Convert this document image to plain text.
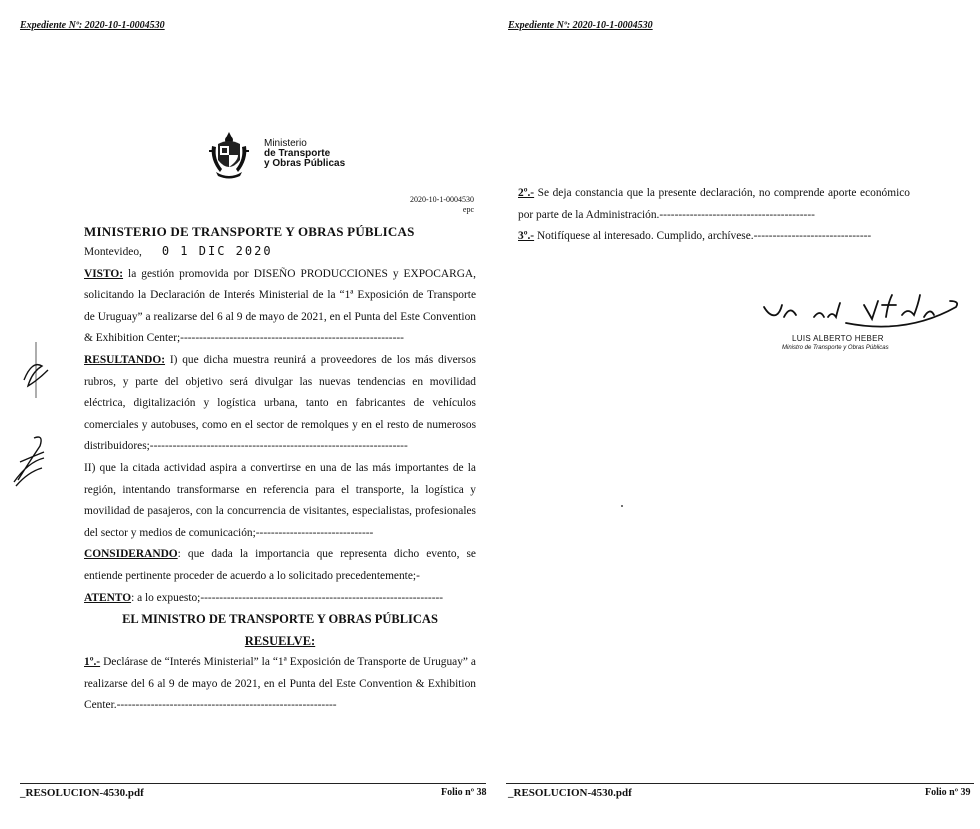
Expediente Nº: 2020-10-1-0004530
Ministerio
de Transporte
y Obras Públicas
2020-10-1-0004530
epc
MINISTERIO DE TRANSPORTE Y OBRAS PÚBLICAS

Montevideo, 0 1 DIC 2020

VISTO: la gestión promovida por DISEÑO PRODUCCIONES y EXPOCARGA, solicitando la Declaración de Interés Ministerial de la “1ª Exposición de Transporte de Uruguay” a realizarse del 6 al 9 de mayo de 2021, en el Punta del Este Convention & Exhibition Center;-----------------------------------------------------------

RESULTANDO: I) que dicha muestra reunirá a proveedores de los más diversos rubros, y parte del objetivo será divulgar las nuevas tendencias en movilidad eléctrica, digitalización y logística urbana, tanto en fabricantes de vehículos comerciales y autobuses, como en el sector de remolques y en el resto de numerosos distribuidores;--------------------------------------------------------------------

II) que la citada actividad aspira a convertirse en una de las más importantes de la región, intentando transformarse en referencia para el transporte, la logística y movilidad de pasajeros, con la concurrencia de visitantes, especialistas, profesionales del sector y medios de comunicación;-------------------------------

CONSIDERANDO: que dada la importancia que representa dicho evento, se entiende pertinente proceder de acuerdo a lo solicitado precedentemente;-

ATENTO: a lo expuesto;----------------------------------------------------------------

EL MINISTRO DE TRANSPORTE Y OBRAS PÚBLICAS

RESUELVE:

1º.- Declárase de “Interés Ministerial” la “1ª Exposición de Transporte de Uruguay” a realizarse del 6 al 9 de mayo de 2021, en el Punta del Este Convention & Exhibition Center.----------------------------------------------------------

_RESOLUCION-4530.pdf	Folio nº 38
Expediente Nº: 2020-10-1-0004530

2º.- Se deja constancia que la presente declaración, no comprende aporte económico por parte de la Administración.-----------------------------------------

3º.- Notifíquese al interesado. Cumplido, archívese.-------------------------------

LUIS ALBERTO HEBER
Ministro de Transporte y Obras Públicas
_RESOLUCION-4530.pdf	Folio nº 39
